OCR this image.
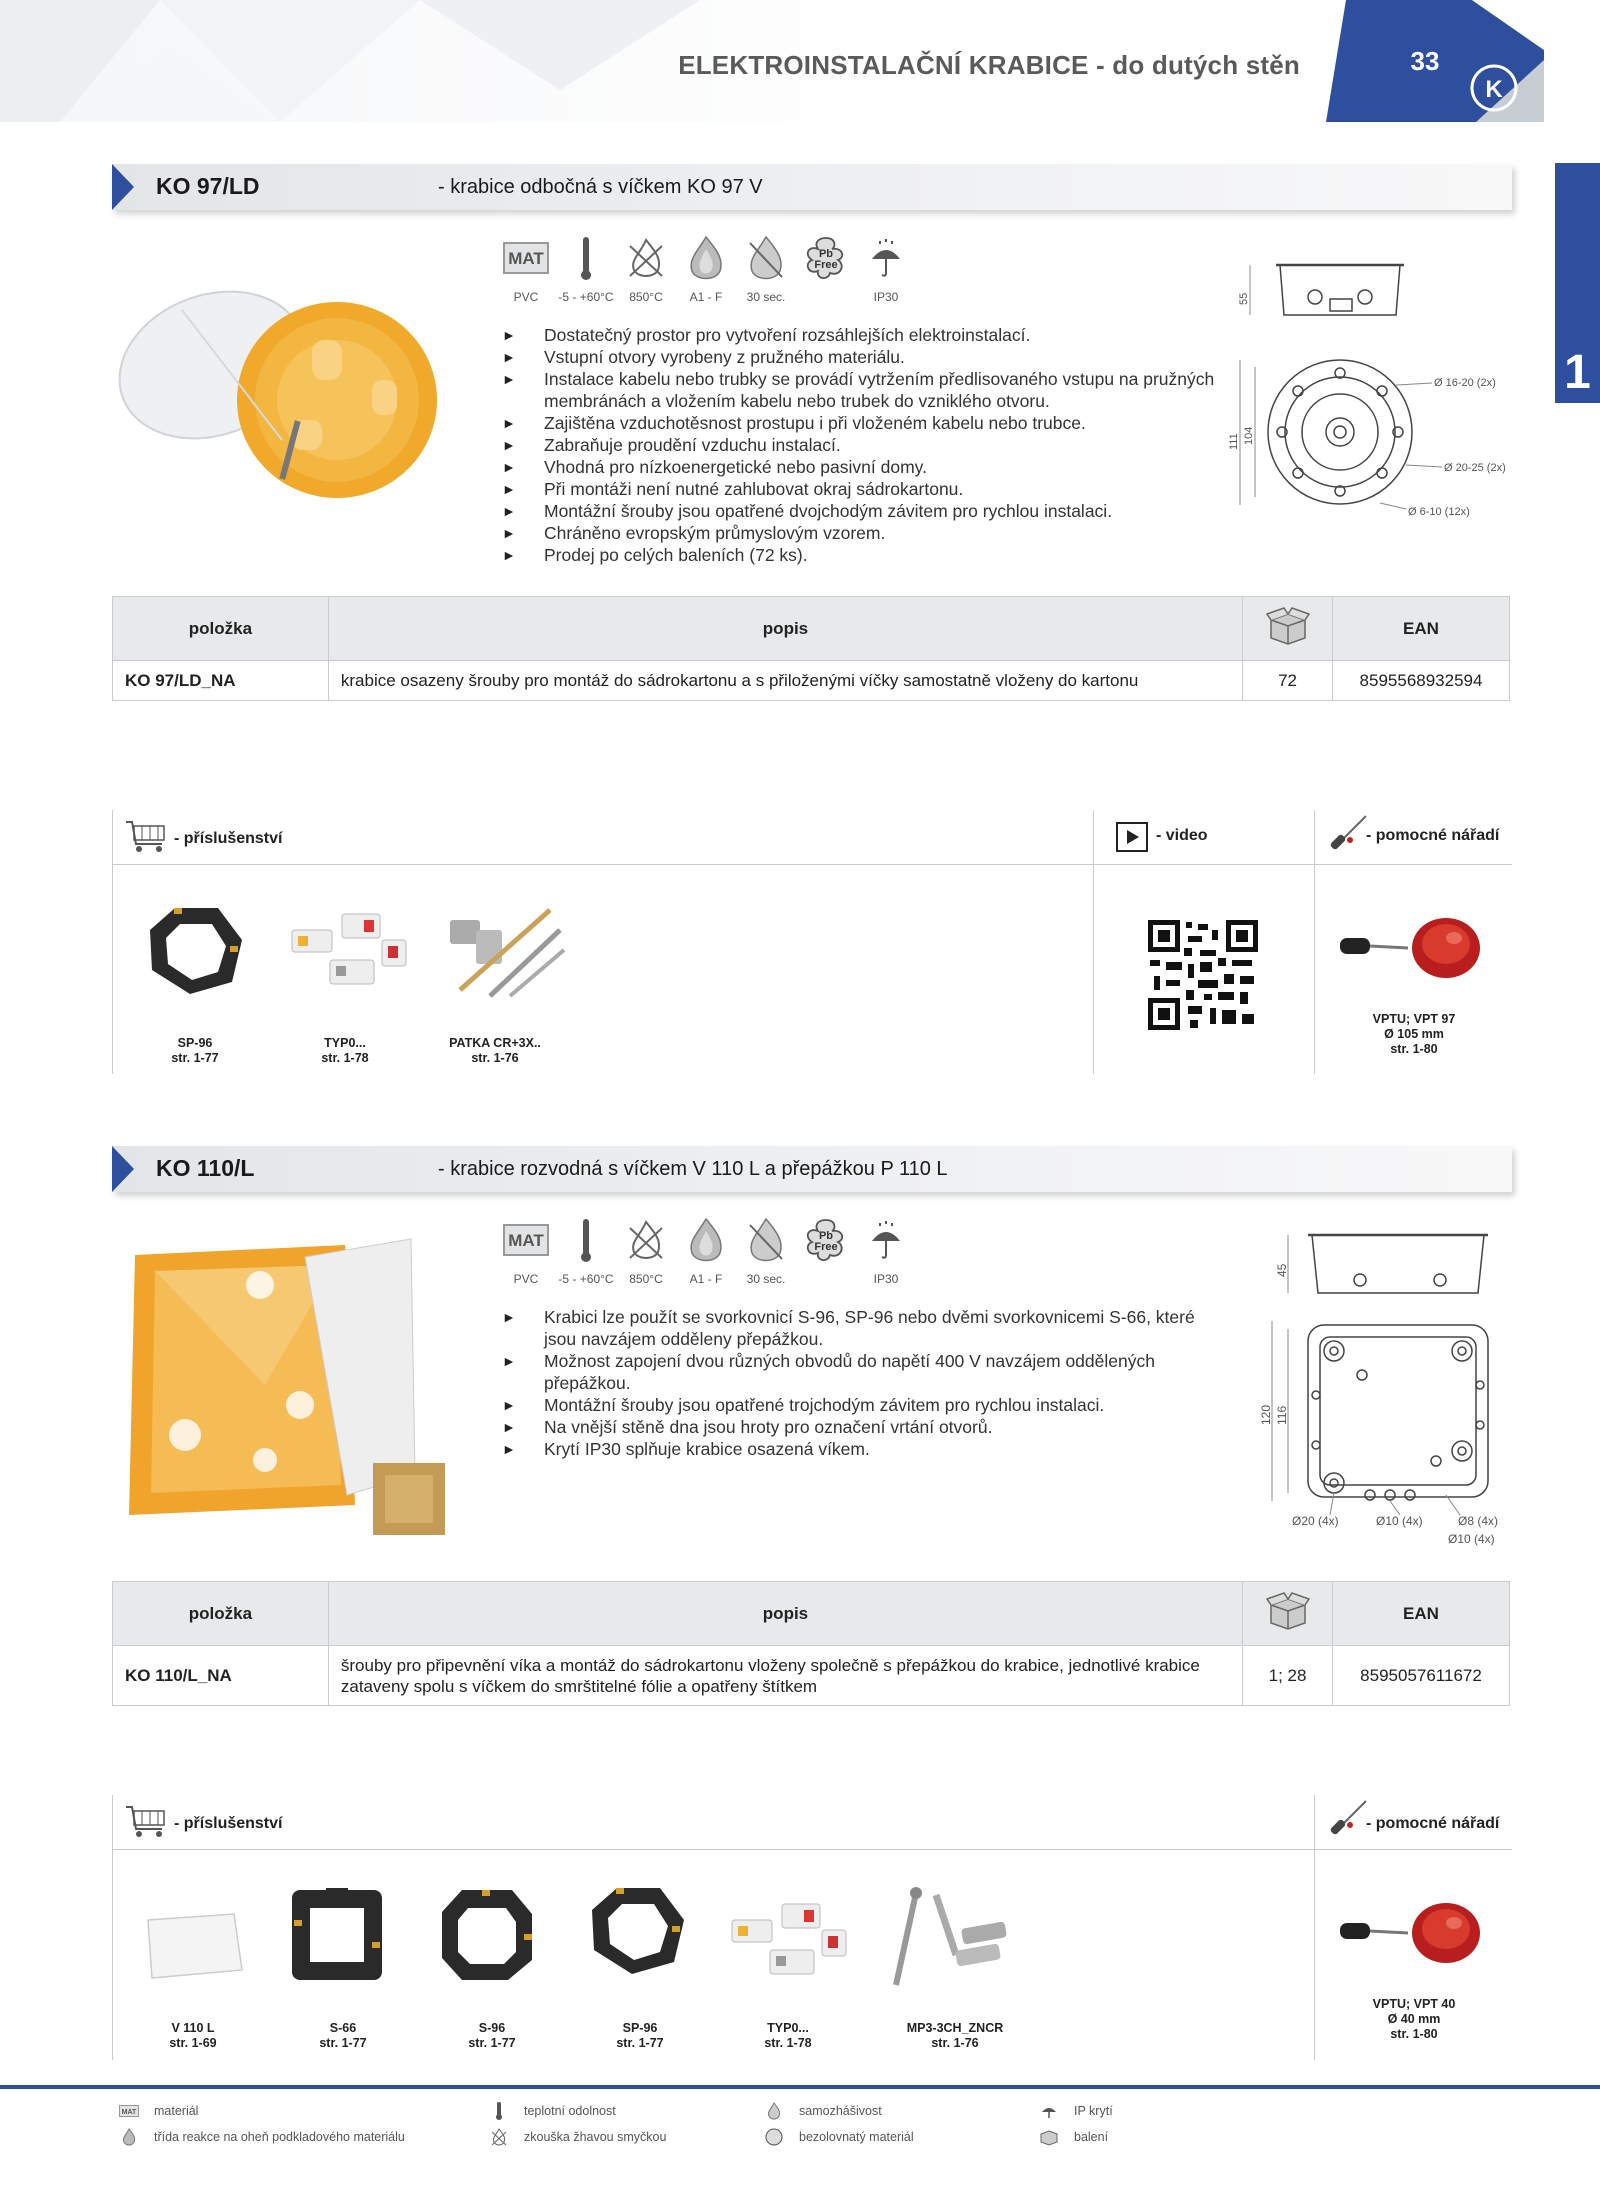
ELEKTROINSTALAČNÍ KRABICE - do dutých stěn
K
33
1
KO 97/LD	- krabice odbočná s víčkem KO 97 V
MAT	Pb
Free
PVC	-5 - +60°C	850°C	A1 - F	30 sec.	IP30
►	Dostatečný prostor pro vytvoření rozsáhlejších elektroinstalací.
►	Vstupní otvory vyrobeny z pružného materiálu.
►	Instalace kabelu nebo trubky se provádí vytržením předlisovaného vstupu na pružných membránách a vložením kabelu nebo trubek do vzniklého otvoru.
►	Zajištěna vzduchotěsnost prostupu i při vloženém kabelu nebo trubce.
►	Zabraňuje proudění vzduchu instalací.
►	Vhodná pro nízkoenergetické nebo pasivní domy.
►	Při montáži není nutné zahlubovat okraj sádrokartonu.
►	Montážní šrouby jsou opatřené dvojchodým závitem pro rychlou instalaci.
►	Chráněno evropským průmyslovým vzorem.
►	Prodej po celých baleních (72 ks).
55
111 104
Ø 16-20 (2x)
Ø 20-25 (2x)
Ø 6-10 (12x)
položka	popis		EAN
KO 97/LD_NA	krabice osazeny šrouby pro montáž do sádrokartonu a s přiloženými víčky samostatně vloženy do kartonu	72	8595568932594
- příslušenství	- video	- pomocné nářadí
SP-96
str. 1-77
TYP0...
str. 1-78
PATKA CR+3X..
str. 1-76
VPTU; VPT 97
Ø 105 mm
str. 1-80
KO 110/L	- krabice rozvodná s víčkem V 110 L a přepážkou P 110 L
MAT	Pb
Free
PVC	-5 - +60°C	850°C	A1 - F	30 sec.	IP30
►	Krabici lze použít se svorkovnicí S-96, SP-96 nebo dvěmi svorkovnicemi S-66, které jsou navzájem odděleny přepážkou.
►	Možnost zapojení dvou různých obvodů do napětí 400 V navzájem oddělených přepážkou.
►	Montážní šrouby jsou opatřené trojchodým závitem pro rychlou instalaci.
►	Na vnější stěně dna jsou hroty pro označení vrtání otvorů.
►	Krytí IP30 splňuje krabice osazená víkem.
45
120 116
Ø20 (4x)	Ø10 (4x)	Ø8 (4x)
Ø10 (4x)
položka	popis		EAN
KO 110/L_NA	šrouby pro připevnění víka a montáž do sádrokartonu vloženy společně s přepážkou do krabice, jednotlivé krabice zataveny spolu s víčkem do smrštitelné fólie a opatřeny štítkem	1; 28	8595057611672
- příslušenství	- pomocné nářadí
V 110 L
str. 1-69
S-66
str. 1-77
S-96
str. 1-77
SP-96
str. 1-77
TYP0...
str. 1-78
MP3-3CH_ZNCR
str. 1-76
VPTU; VPT 40
Ø 40 mm
str. 1-80
MAT materiál	teplotní odolnost	samozhášivost	IP krytí
třída reakce na oheň podkladového materiálu	zkouška žhavou smyčkou	bezolovnatý materiál	balení
